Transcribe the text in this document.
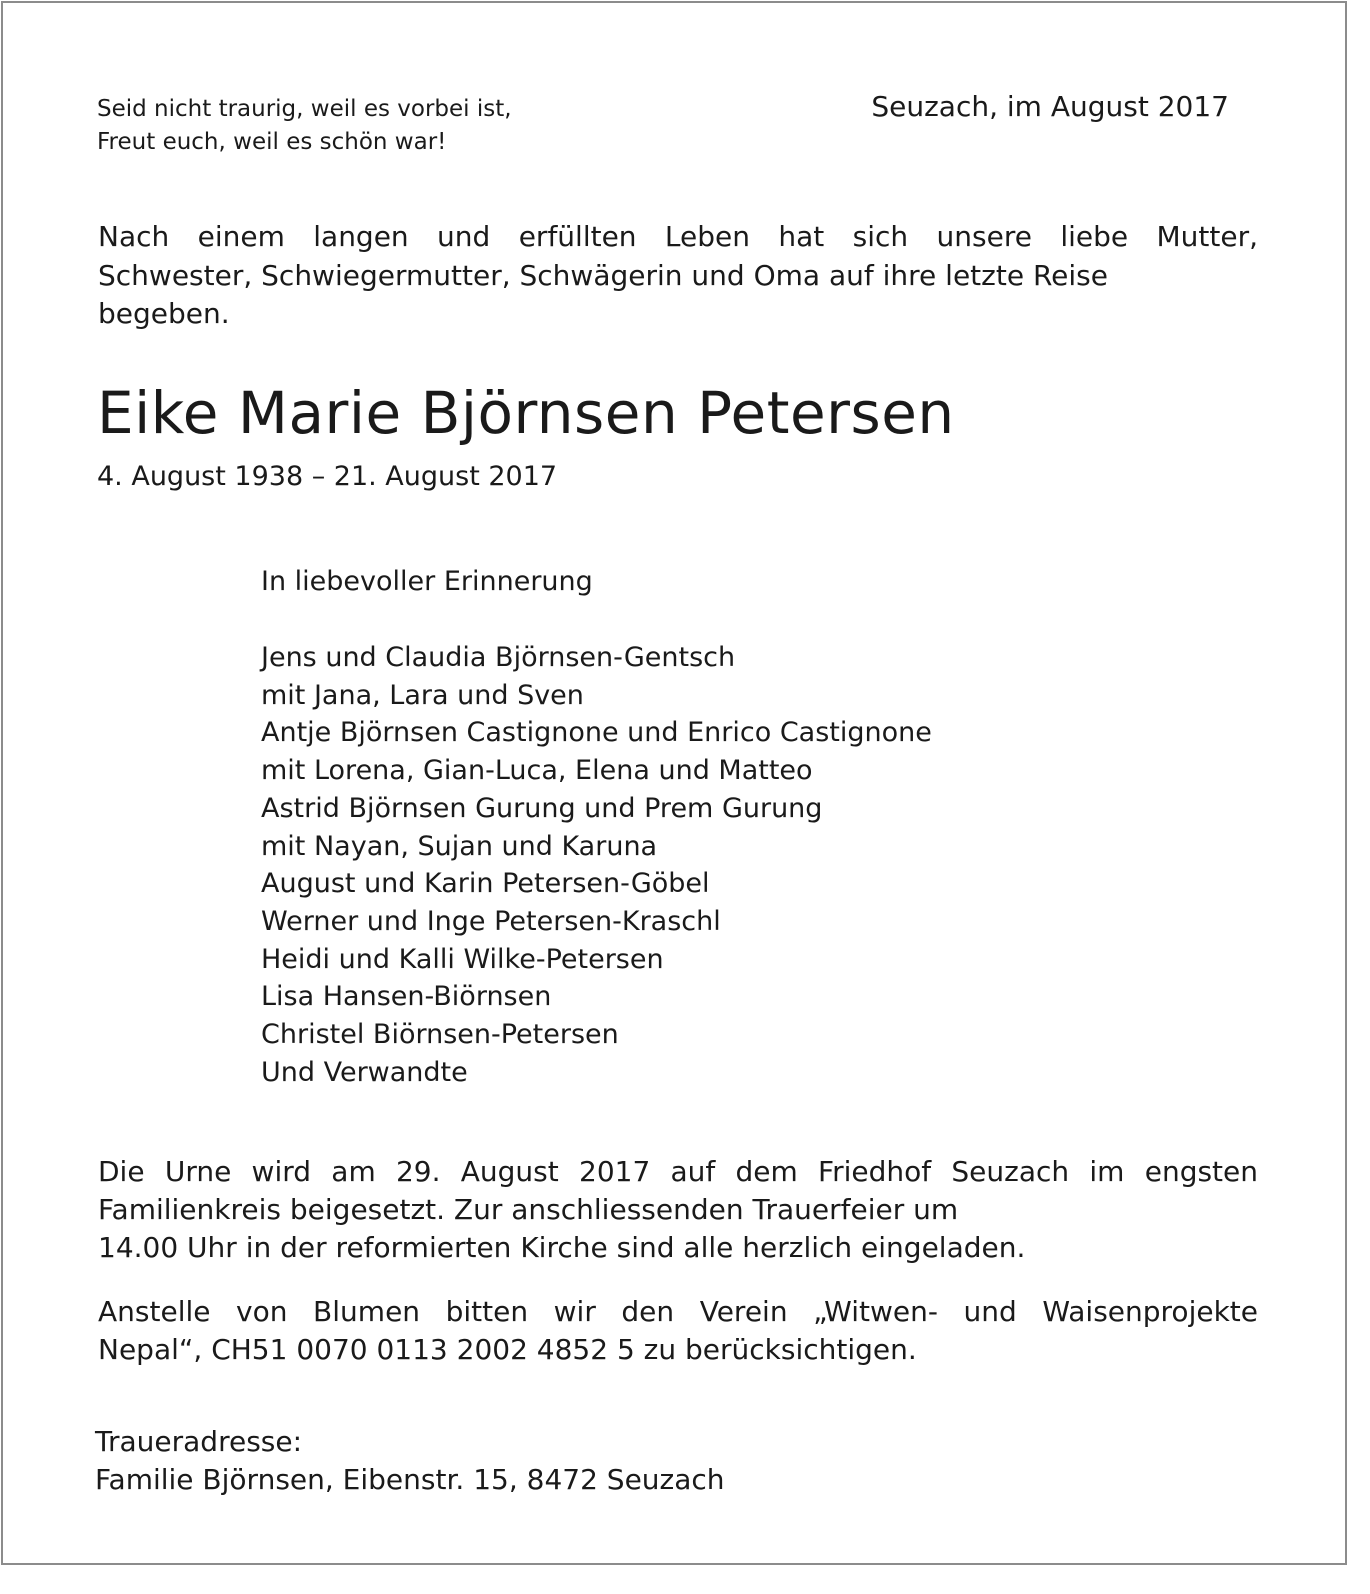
Seid nicht traurig, weil es vorbei ist,
Freut euch, weil es schön war!
Seuzach, im August 2017
Nach einem langen und erfüllten Leben hat sich unsere liebe Mutter,
Schwester, Schwiegermutter, Schwägerin und Oma auf ihre letzte Reise
begeben.
Eike Marie Björnsen Petersen
4. August 1938 – 21. August 2017
In liebevoller Erinnerung
Jens und Claudia Björnsen-Gentsch
mit Jana, Lara und Sven
Antje Björnsen Castignone und Enrico Castignone
mit Lorena, Gian-Luca, Elena und Matteo
Astrid Björnsen Gurung und Prem Gurung
mit Nayan, Sujan und Karuna
August und Karin Petersen-Göbel
Werner und Inge Petersen-Kraschl
Heidi und Kalli Wilke-Petersen
Lisa Hansen-Biörnsen
Christel Biörnsen-Petersen
Und Verwandte
Die Urne wird am 29. August 2017 auf dem Friedhof Seuzach im engsten
Familienkreis beigesetzt. Zur anschliessenden Trauerfeier um
14.00 Uhr in der reformierten Kirche sind alle herzlich eingeladen.
Anstelle von Blumen bitten wir den Verein „Witwen- und Waisenprojekte
Nepal“, CH51 0070 0113 2002 4852 5 zu berücksichtigen.
Traueradresse:
Familie Björnsen, Eibenstr. 15, 8472 Seuzach
